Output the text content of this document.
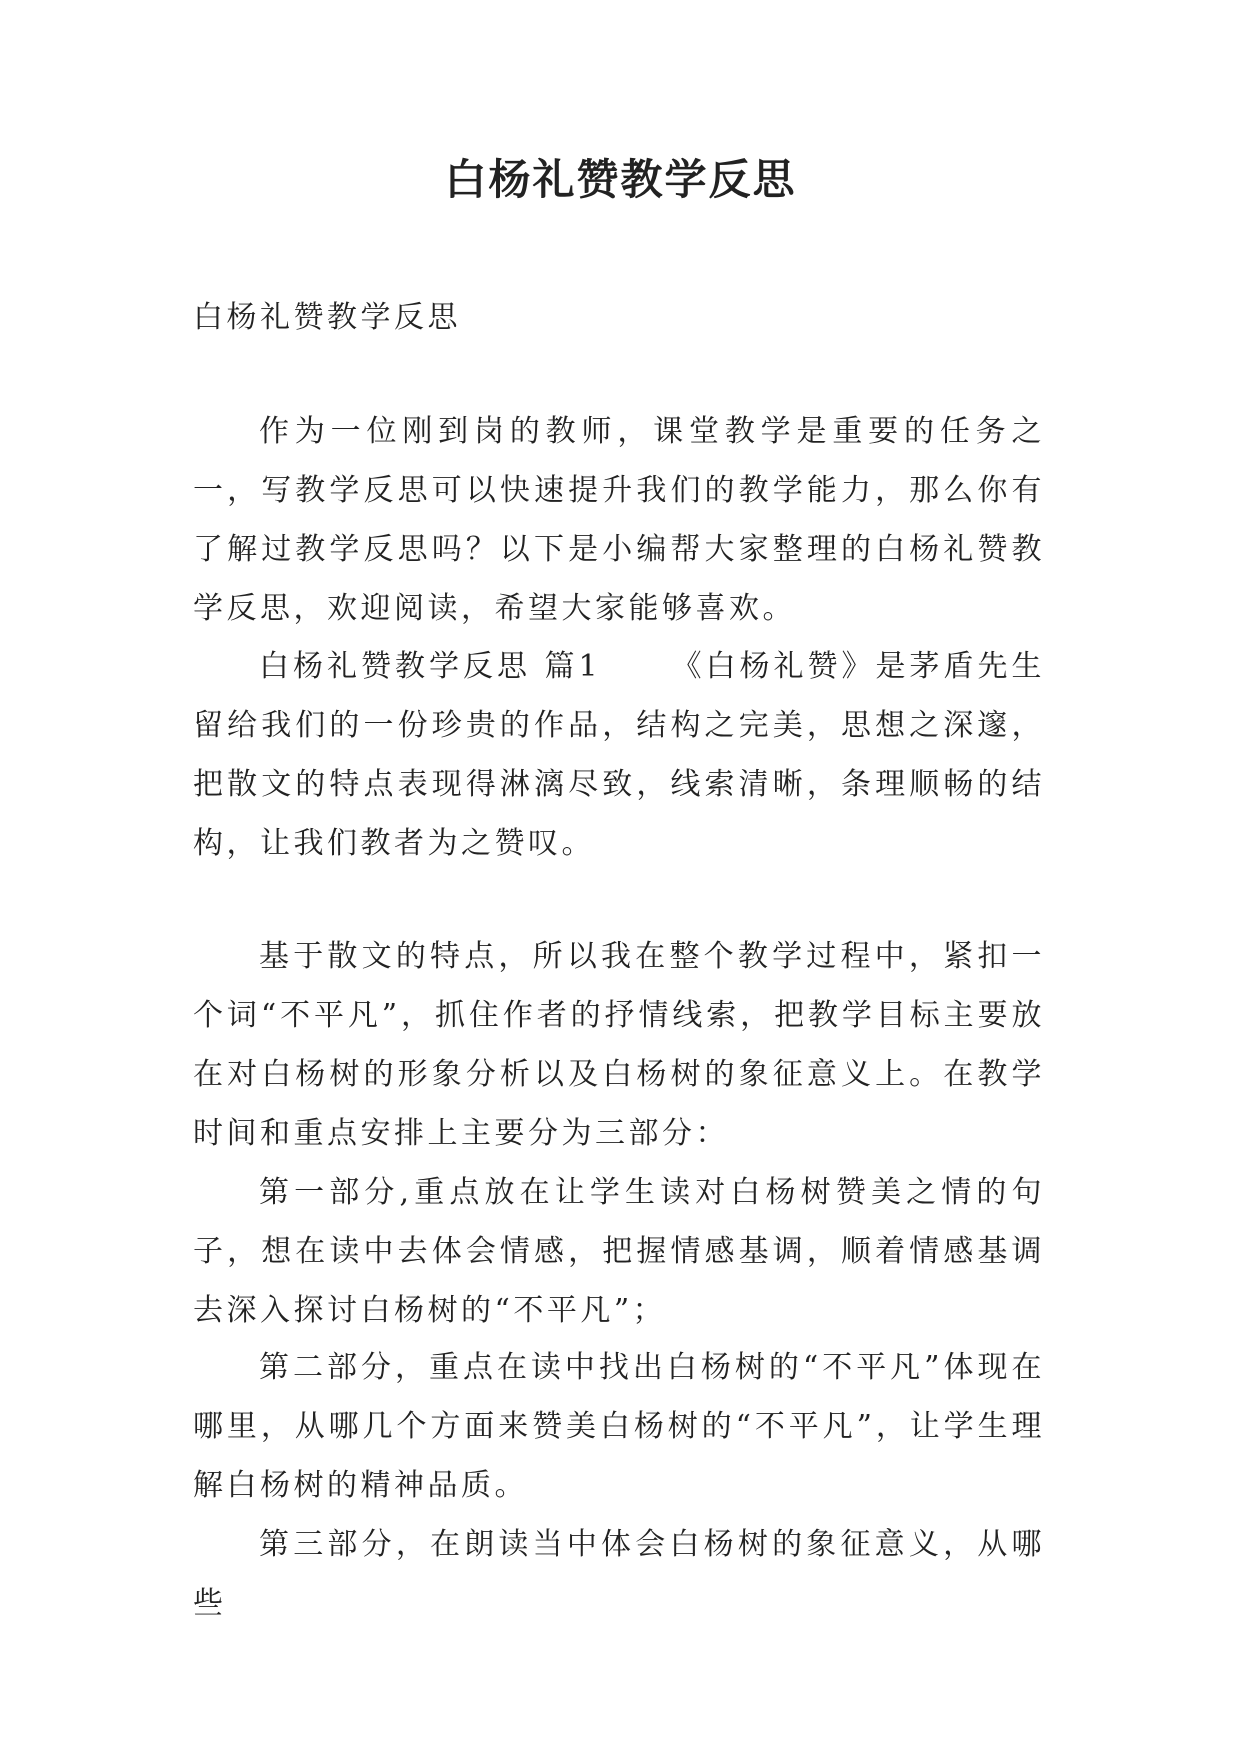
白杨礼赞教学反思

白杨礼赞教学反思

作为一位刚到岗的教师，课堂教学是重要的任务之一，写教学反思可以快速提升我们的教学能力，那么你有了解过教学反思吗？以下是小编帮大家整理的白杨礼赞教学反思，欢迎阅读，希望大家能够喜欢。

白杨礼赞教学反思 篇1 《白杨礼赞》是茅盾先生留给我们的一份珍贵的作品，结构之完美，思想之深邃，把散文的特点表现得淋漓尽致，线索清晰，条理顺畅的结构，让我们教者为之赞叹。

基于散文的特点，所以我在整个教学过程中，紧扣一个词“不平凡”，抓住作者的抒情线索，把教学目标主要放在对白杨树的形象分析以及白杨树的象征意义上。在教学时间和重点安排上主要分为三部分：

第一部分,重点放在让学生读对白杨树赞美之情的句子，想在读中去体会情感，把握情感基调，顺着情感基调去深入探讨白杨树的“不平凡”；

第二部分，重点在读中找出白杨树的“不平凡”体现在哪里，从哪几个方面来赞美白杨树的“不平凡”，让学生理解白杨树的精神品质。

第三部分，在朗读当中体会白杨树的象征意义，从哪些
